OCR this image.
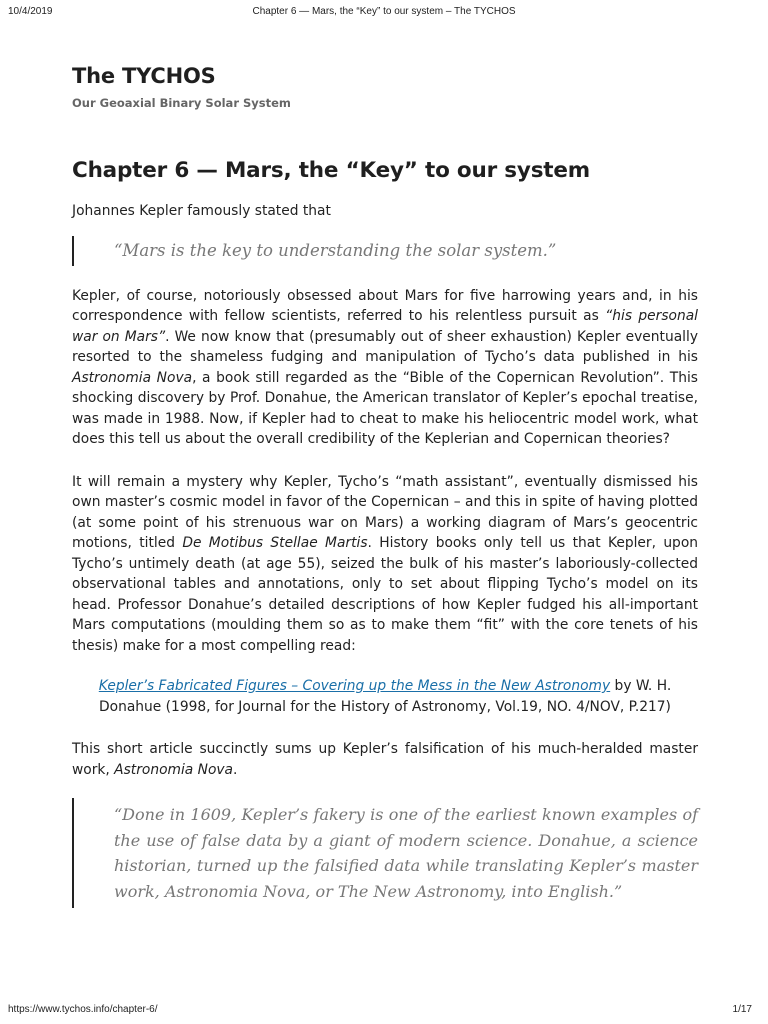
10/4/2019	Chapter 6 — Mars, the “Key” to our system – The TYCHOS
The TYCHOS

Our Geoaxial Binary Solar System

Chapter 6 — Mars, the “Key” to our system

Johannes Kepler famously stated that

“Mars is the key to understanding the solar system.”

Kepler, of course, notoriously obsessed about Mars for five harrowing years and, in his correspondence with fellow scientists, referred to his relentless pursuit as “his personal war on Mars”. We now know that (presumably out of sheer exhaustion) Kepler eventually resorted to the shameless fudging and manipulation of Tycho’s data published in his Astronomia Nova, a book still regarded as the “Bible of the Copernican Revolution”. This shocking discovery by Prof. Donahue, the American translator of Kepler’s epochal treatise, was made in 1988. Now, if Kepler had to cheat to make his heliocentric model work, what does this tell us about the overall credibility of the Keplerian and Copernican theories?

It will remain a mystery why Kepler, Tycho’s “math assistant”, eventually dismissed his own master’s cosmic model in favor of the Copernican – and this in spite of having plotted (at some point of his strenuous war on Mars) a working diagram of Mars’s geocentric motions, titled De Motibus Stellae Martis. History books only tell us that Kepler, upon Tycho’s untimely death (at age 55), seized the bulk of his master’s laboriously-collected observational tables and annotations, only to set about flipping Tycho’s model on its head. Professor Donahue’s detailed descriptions of how Kepler fudged his all-important Mars computations (moulding them so as to make them “fit” with the core tenets of his thesis) make for a most compelling read:

Kepler’s Fabricated Figures – Covering up the Mess in the New Astronomy by W. H. Donahue (1998, for Journal for the History of Astronomy, Vol.19, NO. 4/NOV, P.217)

This short article succinctly sums up Kepler’s falsification of his much-heralded master work, Astronomia Nova.

“Done in 1609, Kepler’s fakery is one of the earliest known examples of the use of false data by a giant of modern science. Donahue, a science historian, turned up the falsified data while translating Kepler’s master work, Astronomia Nova, or The New Astronomy, into English.”
https://www.tychos.info/chapter-6/	1/17
